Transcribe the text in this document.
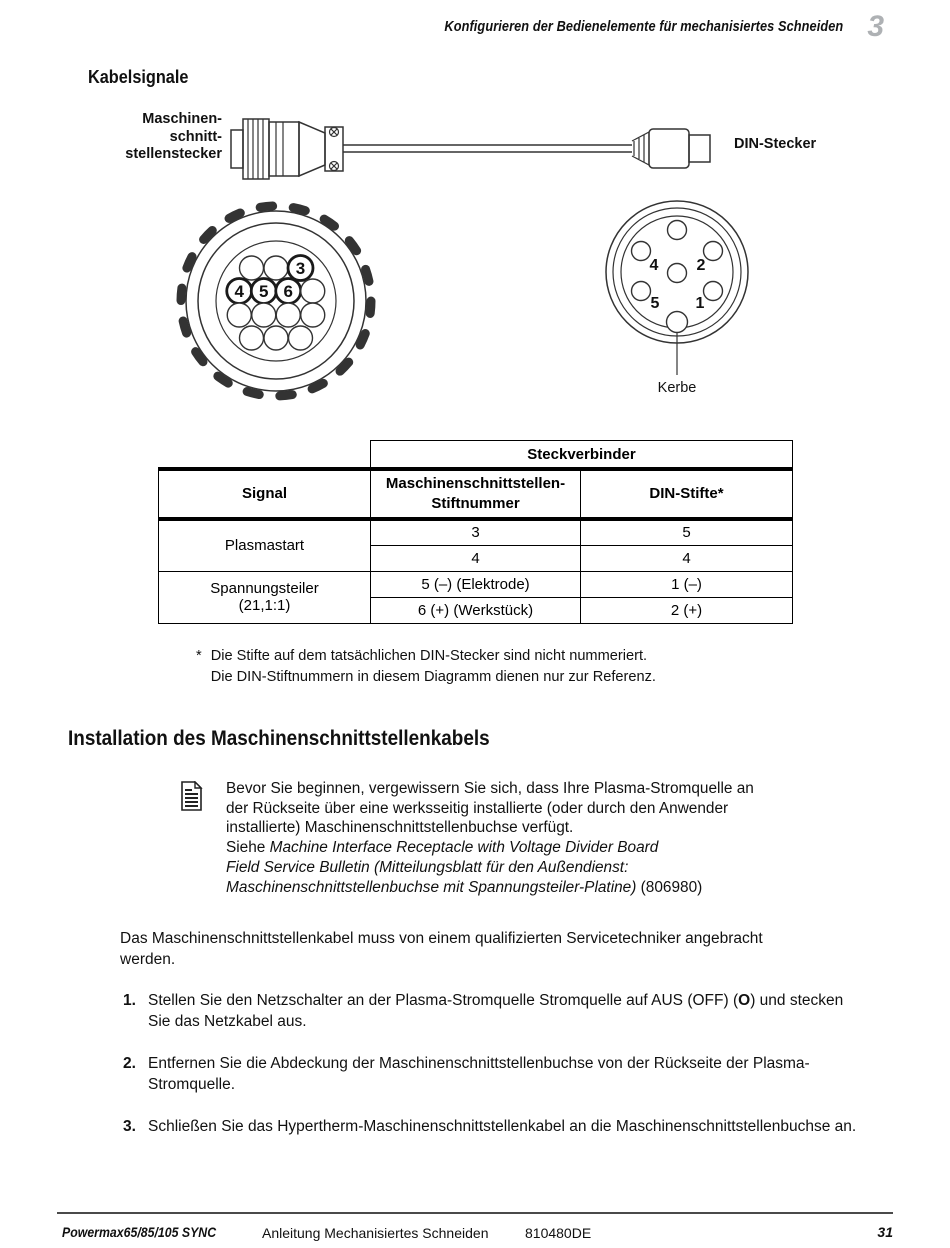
Konfigurieren der Bedienelemente für mechanisiertes Schneiden 3
Kabelsignale
Maschinen-
schnitt-
stellenstecker
DIN-Stecker
3
4 5 6
4 2
5 1
Kerbe
	Steckverbinder	
Signal	Maschinenschnittstellen-Stiftnummer	DIN-Stifte*
Plasmastart	3	5
	4	4

Spannungsteiler
(21,1:1)	5 (–) (Elektrode)	1 (–)
	6 (+) (Werkstück)	2 (+)
* Die Stifte auf dem tatsächlichen DIN-Stecker sind nicht nummeriert.
Die DIN-Stiftnummern in diesem Diagramm dienen nur zur Referenz.
Installation des Maschinenschnittstellenkabels
Bevor Sie beginnen, vergewissern Sie sich, dass Ihre Plasma-Stromquelle an der Rückseite über eine werksseitig installierte (oder durch den Anwender installierte) Maschinenschnittstellenbuchse verfügt.
Siehe Machine Interface Receptacle with Voltage Divider Board
Field Service Bulletin (Mitteilungsblatt für den Außendienst:
Maschinenschnittstellenbuchse mit Spannungsteiler-Platine) (806980)
Das Maschinenschnittstellenkabel muss von einem qualifizierten Servicetechniker angebracht werden.
1. Stellen Sie den Netzschalter an der Plasma-Stromquelle Stromquelle auf AUS (OFF) (O) und stecken Sie das Netzkabel aus.
2. Entfernen Sie die Abdeckung der Maschinenschnittstellenbuchse von der Rückseite der Plasma-Stromquelle.
3. Schließen Sie das Hypertherm-Maschinenschnittstellenkabel an die Maschinenschnittstellenbuchse an.
Powermax65/85/105 SYNC	Anleitung Mechanisiertes Schneiden	810480DE	31
